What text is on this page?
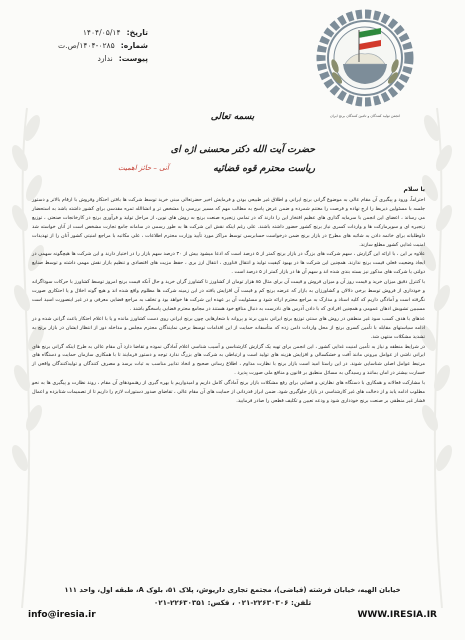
تاریخ:
۱۴۰۴/۰۵/۱۴
شماره:
۱۴۰۴-۰۲۸۵/ص.ت
پیوست:
ندارد
انجمن تولید کنندگان و تامین کنندگان برنج ایران
بسمه تعالی
حضرت آیت الله دکتر محسنی اژه ای
ریاست محترم قوه قضائیه
آنی – حائز اهمیت
با سلام

احتراماً، ورود و پیگیری آن مقام عالی به موضوع گرانی برنج ایرانی و اطلاق غیر طبیعی بودن و فرمایش اخیر حضرتعالی مبنی خرید توسط شرکت ها بافتن احتکار وفروش با ارقام بالاتر و دستور جلسه با مسئولین ذیربط را ارج نهاده و فرصت را مغتنم شمرده و ضمن عرض پاسخ به مطالب مهم که مسیر بررسی را مشخص تر و انشاالله ثمره مقدسی برای کشور داشته باشد به استحضار می رساند ، اعضای این انجمن با سرمایه گذاری های عظیم افتخار این را دارند که در تمامی زنجیره صنعت برنج به روش های نوین، از مراحل تولید و فرآوری برنج در کارخانجات صنعتی ، توزیع زنجیره ای و سوپرمارکت ها و واردات کسری نیاز برنج کشور حضور داشته باشند. علی رغم اینکه نقش این شرکت ها به طور رسمی در سامانه جامع تجارت مشخص است از آنان خواسته شد داوطلبانه برای خاتمه دادن به شائبه های مطرح در بازار برنج ضمن درخواست حسابرسی توسط مراکز مورد تأیید وزارت محترم اطلاعات ، علی مکاتبه با مراجع امنیتی کشور آنان را از تهدیدات امنیت غذایی کشور مطلع سازند.

علاوه بر این ، با ارائه این گزارش ، سهم شرکت های بزرگ در بازار برنج کمتر از ۵ درصد است که ادعا میشود بیش از ۳۰ درصد سهم بازار را در اختیار دارند و این شرکت ها هیچگونه سهمی در ایجاد وضعیت فعلی قیمت برنج ندارند. همچنین این شرکت ها در بهبود کیفیت تولید و انتقال فناوری ، انتقال ارز بری ، حفظ مزیت های اقتصادی و تنظیم بازار نقش مهمی داشته و توسط صنایع دولتی یا شرکت های مذکور نیز بسته بندی شده اند و سهم آن ها در بازار کمتر از ۵ درصد است .

با کنترل دقیق میزان خرید و قیمت روز آن و میزان فروش و قیمت آن برای مثال ۸۵ هزار تومان از کشاورز تا کشاورز گران خرید و حال آنکه قیمت برنج امروز توسط کشاورز با حرکات سوداگرانه و خودداری از فروش توسط برخی دلالان و کشاورزان به بازار که عرضه برنج کم و قیمت آن افزایش یافته در این زمینه شرکت ها مظلوم واقع شده اند و هیچ گونه اخلال و یا احتکاری صورت نگرفته است و آمادگی داریم که کلیه اسناد و مدارک به مراجع محترم ارائه شود و مسئولیت آن بر عهده این شرکت ها خواهد بود و تخلف به مراجع قضایی معرفی و در غیر اینصورت اسید است مسببین تشویش اذهان عمومی و همچنین افرادی که با دادن آدرس های نادرست به دنبال منافع خود هستند در مجامع محترم قضایی پاسخگو باشند .

عدهای با هدف کسب سود غیر منطقی در روش های سنتی توزیع برنج ایرانی بدون برند و پروانه با شعارهایی چون برنج ایرانی روی دست کشاورز مانده و یا با اعلام احتکار باعث گرانی شده و در ادامه سیاستهای مقابله با تأمین کسری برنج از محل واردات دامن زده که متأسفانه حمایت از این اقدامات توسط برخی نمایندگان محترم مجلس و مداخله دور از انتظار ایشان در بازار برنج به تشدید مشکلات منتهی شد.

در شرایط منطقه و نیاز به تأمین امنیت غذایی کشور ، این انجمن برای تهیه یک گزارش کارشناسی و آسیب شناسی اعلام آمادگی نموده و تقاضا دارد آن مقام عالی به طرح اینکه گرانی برنج های ایرانی ناشی از عوامل بیرونی مانند آفت و خشکسالی و افزایش هزینه های تولید است و ارتباطی به شرکت های بزرگ ندارد توجه و دستور فرمایند تا با همکاری سازمان حمایت و دستگاه های مرتبط عوامل اصلی شناسایی شوند. در این راستا امید است بازار برنج با نظارت مداوم ، اطلاع رسانی صحیح و اتخاذ تدابیر مناسب به ثبات برسد و مصرف کنندگان و تولیدکنندگان واقعی از خسارت بیشتر در امان بمانند و رسیدگی به مسائل منطبق بر قانون و منافع ملی صورت پذیرد .

با مشارکت فعالانه و همکاری با دستگاه های نظارتی و قضایی برای رفع مشکلات بازار برنج آمادگی کامل داریم و امیدواریم با بهره گیری از رهنمودهای آن مقام ، روند نظارت و پیگیری ها به نحو مطلوب ادامه یابد و از دخالت های غیر کارشناسی در بازار جلوگیری شود. ضمن ابراز قدردانی از حمایت های آن مقام عالی ، تقاضای صدور دستورات لازم را داریم تا از تصمیمات شتابزده و اعمال فشار غیر منطقی بر صنعت برنج خودداری شود و ودعه تعیین و تکلیف قطعی را صادر فرمایید.

خیابان الهیه، خیابان فرشته (فیاضی)، مجتمع تجاری داریوش، پلاک ۵۱، بلوک A، طبقه اول، واحد ۱۱۱
تلفن: ۲۲۶۳۰۳۰۶-۰۲۱ ، فکس: ۲۲۶۳۰۳۵۱-۰۲۱
info@iresia.ir	WWW.IRESIA.IR
